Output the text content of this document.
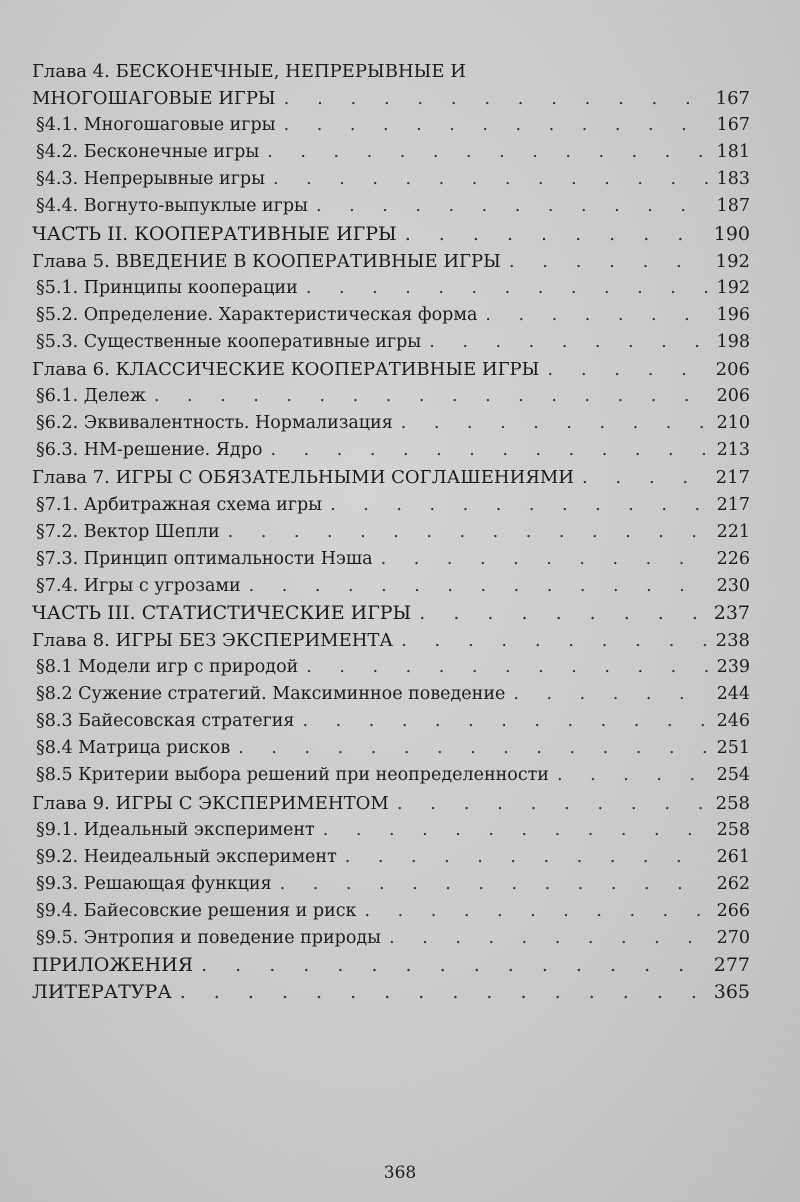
Глава 4. БЕСКОНЕЧНЫЕ, НЕПРЕРЫВНЫЕ И
МНОГОШАГОВЫЕ ИГРЫ . . .	167
§4.1. Многошаговые игры . . .	167
§4.2. Бесконечные игры . . .	181
§4.3. Непрерывные игры . . .	183
§4.4. Вогнуто-выпуклые игры . . .	187
ЧАСТЬ II. КООПЕРАТИВНЫЕ ИГРЫ . . .	190
Глава 5. ВВЕДЕНИЕ В КООПЕРАТИВНЫЕ ИГРЫ . . .	192
§5.1. Принципы кооперации . . .	192
§5.2. Определение. Характеристическая форма . . .	196
§5.3. Существенные кооперативные игры . . .	198
Глава 6. КЛАССИЧЕСКИЕ КООПЕРАТИВНЫЕ ИГРЫ . . .	206
§6.1. Дележ . . .	206
§6.2. Эквивалентность. Нормализация . . .	210
§6.3. НМ-решение. Ядро . . .	213
Глава 7. ИГРЫ С ОБЯЗАТЕЛЬНЫМИ СОГЛАШЕНИЯМИ . . .	217
§7.1. Арбитражная схема игры . . .	217
§7.2. Вектор Шепли . . .	221
§7.3. Принцип оптимальности Нэша . . .	226
§7.4. Игры с угрозами . . .	230
ЧАСТЬ III. СТАТИСТИЧЕСКИЕ ИГРЫ . . .	237
Глава 8. ИГРЫ БЕЗ ЭКСПЕРИМЕНТА . . .	238
§8.1 Модели игр с природой . . .	239
§8.2 Сужение стратегий. Максиминное поведение . . .	244
§8.3 Байесовская стратегия . . .	246
§8.4 Матрица рисков . . .	251
§8.5 Критерии выбора решений при неопределенности . . .	254
Глава 9. ИГРЫ С ЭКСПЕРИМЕНТОМ . . .	258
§9.1. Идеальный эксперимент . . .	258
§9.2. Неидеальный эксперимент . . .	261
§9.3. Решающая функция . . .	262
§9.4. Байесовские решения и риск . . .	266
§9.5. Энтропия и поведение природы . . .	270
ПРИЛОЖЕНИЯ . . .	277
ЛИТЕРАТУРА . . .	365
368
